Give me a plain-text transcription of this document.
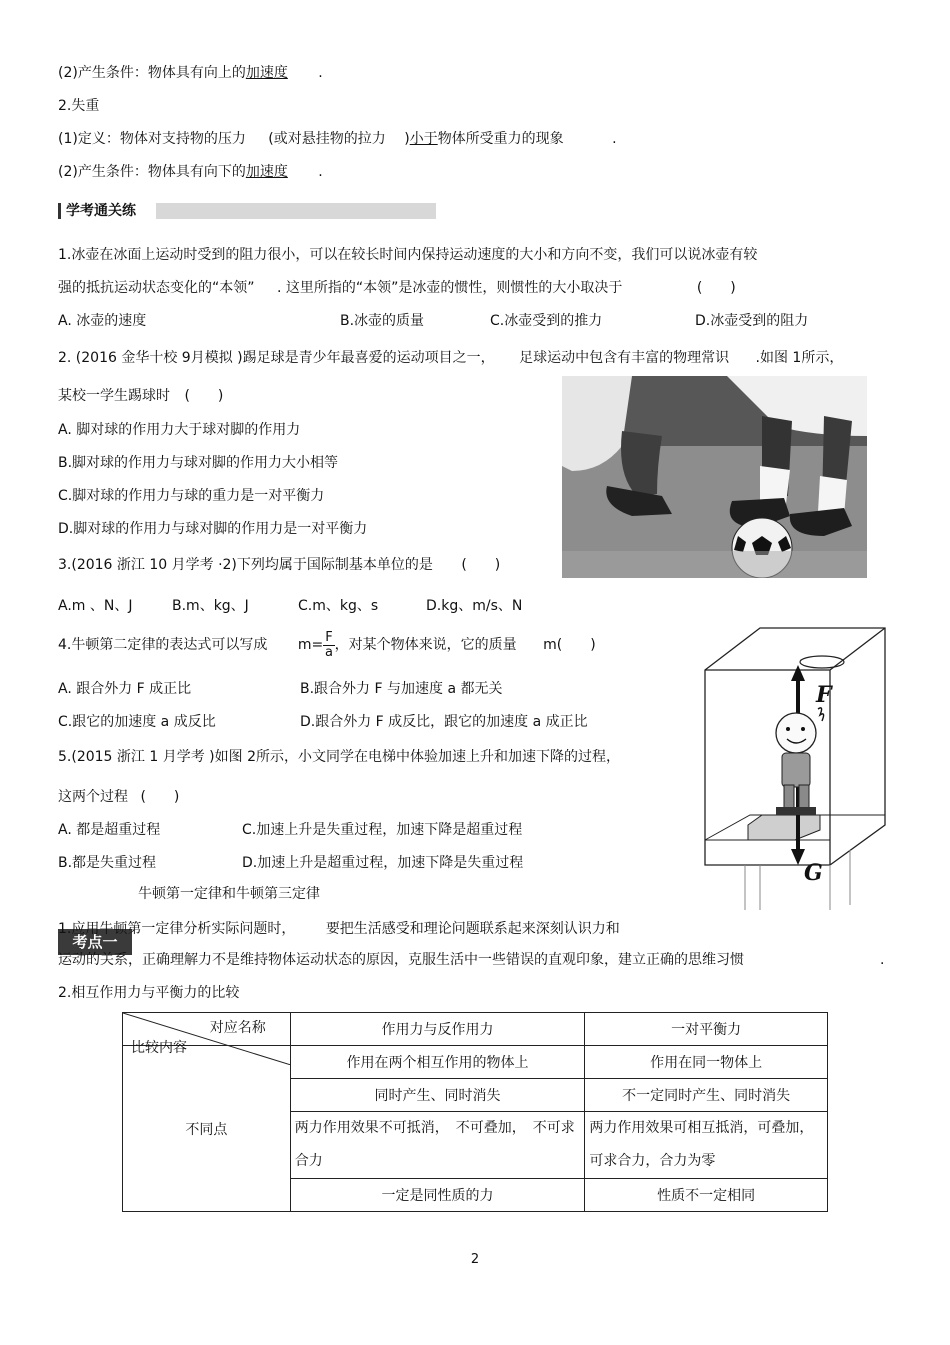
(2)产生条件：物体具有向上的加速度 .
2.失重
(1)定义：物体对支持物的压力 (或对悬挂物的拉力 )小于物体所受重力的现象	.
(2)产生条件：物体具有向下的加速度 .
学考通关练
1.冰壶在冰面上运动时受到的阻力很小，可以在较长时间内保持运动速度的大小和方向不变，我们可以说冰壶有较
强的抵抗运动状态变化的“本领” . 这里所指的“本领”是冰壶的惯性，则惯性的大小取决于	(　　)
A. 冰壶的速度	B.冰壶的质量	C.冰壶受到的推力	D.冰壶受到的阻力
2. (2016 金华十校 9月模拟 )踢足球是青少年最喜爱的运动项目之一， 足球运动中包含有丰富的物理常识 .如图 1所示，
某校一学生踢球时 (　　)
A. 脚对球的作用力大于球对脚的作用力
B.脚对球的作用力与球对脚的作用力大小相等
C.脚对球的作用力与球的重力是一对平衡力
D.脚对球的作用力与球对脚的作用力是一对平衡力
3.(2016 浙江 10 月学考 ·2)下列均属于国际制基本单位的是 (　　)
A.m 、N、J	B.m、kg、J	C.m、kg、s	D.kg、m/s、N
4.牛顿第二定律的表达式可以写成 $m= \frac{F}{a}$ ，对某个物体来说，它的质量 m(　　)
A. 跟合外力 F 成正比	B.跟合外力 F 与加速度 a 都无关
C.跟它的加速度 a 成反比	D.跟合外力 F 成反比，跟它的加速度 a 成正比
5.(2015 浙江 1 月学考 )如图 2所示，小文同学在电梯中体验加速上升和加速下降的过程，
这两个过程 (　　)
A. 都是超重过程	C.加速上升是失重过程，加速下降是超重过程
B.都是失重过程	D.加速上升是超重过程，加速下降是失重过程
F
G
牛顿第一定律和牛顿第三定律
考点一
1.应用牛顿第一定律分析实际问题时， 要把生活感受和理论问题联系起来深刻认识力和
运动的关系，正确理解力不是维持物体运动状态的原因，克服生活中一些错误的直观印象，建立正确的思维习惯	.
2.相互作用力与平衡力的比较
对应名称
比较内容	作用力与反作用力	一对平衡力
不同点	作用在两个相互作用的物体上	作用在同一物体上
	同时产生、同时消失	不一定同时产生、同时消失
	两力作用效果不可抵消，　不可叠加，　不可求合力	两力作用效果可相互抵消，可叠加，可求合力，合力为零
	一定是同性质的力	性质不一定相同
2
